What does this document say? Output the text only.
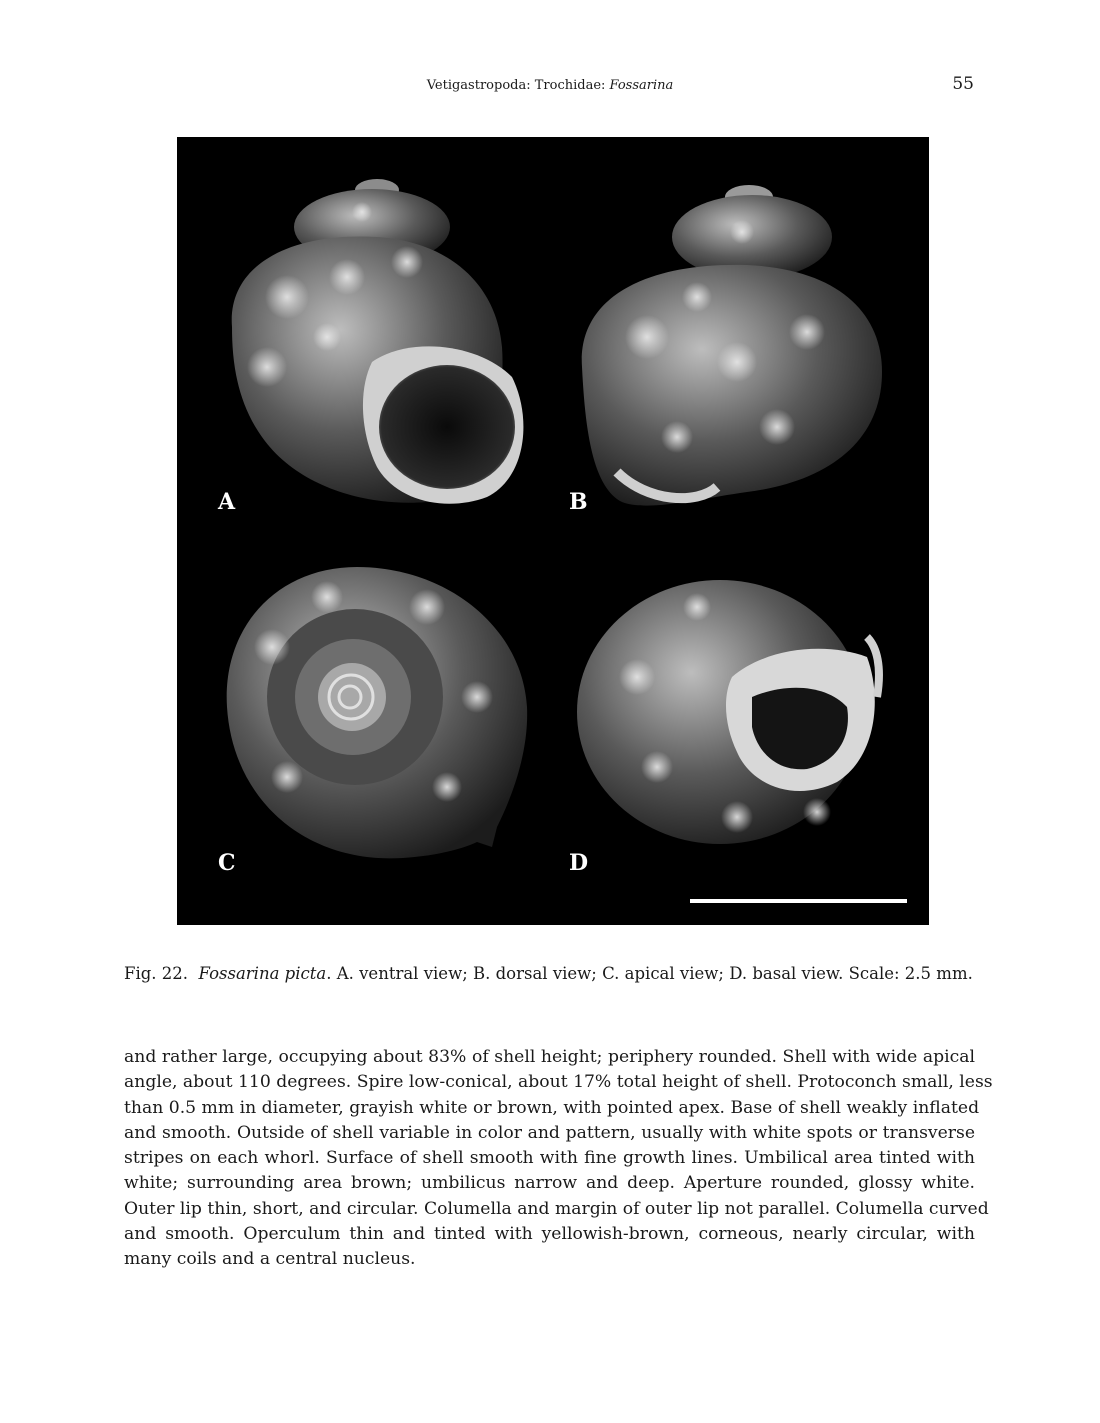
Vetigastropoda: Trochidae: Fossarina	55
A	B
C	D
Fig. 22. Fossarina picta. A. ventral view; B. dorsal view; C. apical view; D. basal view. Scale: 2.5 mm.
and rather large, occupying about 83% of shell height; periphery rounded. Shell with wide apical
angle, about 110 degrees. Spire low-conical, about 17% total height of shell. Protoconch small, less
than 0.5 mm in diameter, grayish white or brown, with pointed apex. Base of shell weakly inflated
and smooth. Outside of shell variable in color and pattern, usually with white spots or transverse
stripes on each whorl. Surface of shell smooth with fine growth lines. Umbilical area tinted with
white; surrounding area brown; umbilicus narrow and deep. Aperture rounded, glossy white.
Outer lip thin, short, and circular. Columella and margin of outer lip not parallel. Columella curved
and smooth. Operculum thin and tinted with yellowish-brown, corneous, nearly circular, with
many coils and a central nucleus.
